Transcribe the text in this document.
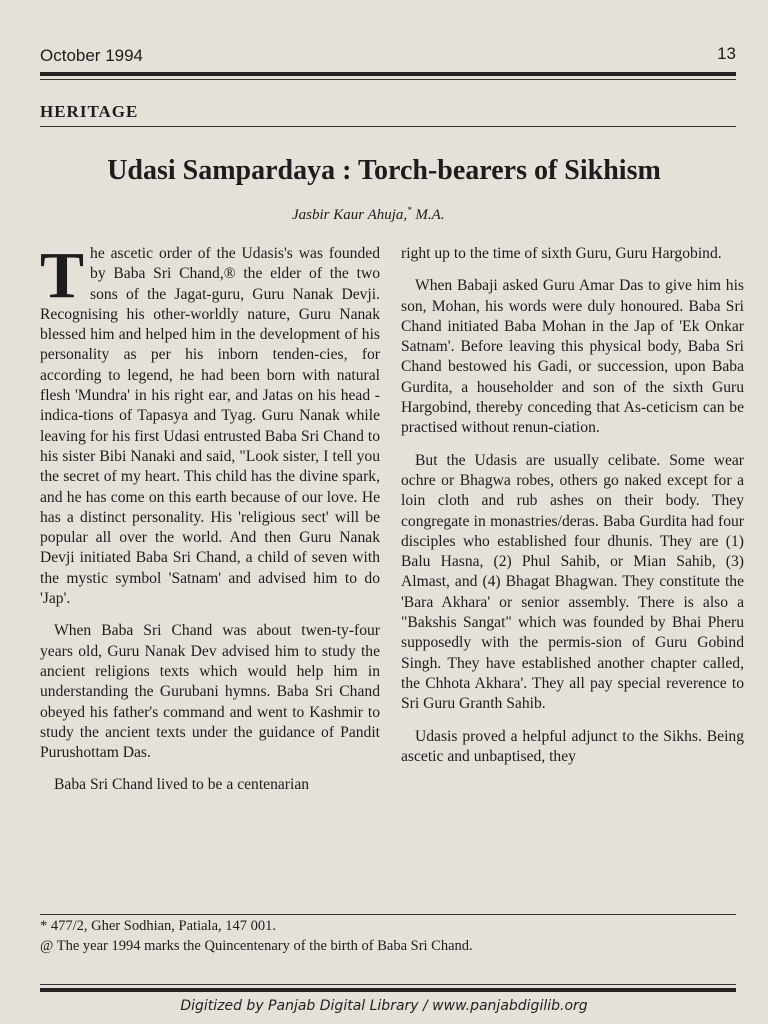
October 1994	13
HERITAGE
Udasi Sampardaya : Torch-bearers of Sikhism
Jasbir Kaur Ahuja,* M.A.

The ascetic order of the Udasis's was founded by Baba Sri Chand,® the elder of the two sons of the Jagat-guru, Guru Nanak Devji. Recognising his other-worldly nature, Guru Nanak blessed him and helped him in the development of his personality as per his inborn tenden-cies, for according to legend, he had been born with natural flesh 'Mundra' in his right ear, and Jatas on his head - indica-tions of Tapasya and Tyag. Guru Nanak while leaving for his first Udasi entrusted Baba Sri Chand to his sister Bibi Nanaki and said, "Look sister, I tell you the secret of my heart. This child has the divine spark, and he has come on this earth because of our love. He has a distinct personality. His 'religious sect' will be popular all over the world. And then Guru Nanak Devji initiated Baba Sri Chand, a child of seven with the mystic symbol 'Satnam' and advised him to do 'Jap'.

When Baba Sri Chand was about twen-ty-four years old, Guru Nanak Dev advised him to study the ancient religions texts which would help him in understanding the Gurubani hymns. Baba Sri Chand obeyed his father's command and went to Kashmir to study the ancient texts under the guidance of Pandit Purushottam Das.

Baba Sri Chand lived to be a centenarian

right up to the time of sixth Guru, Guru Hargobind.

When Babaji asked Guru Amar Das to give him his son, Mohan, his words were duly honoured. Baba Sri Chand initiated Baba Mohan in the Jap of 'Ek Onkar Satnam'. Before leaving this physical body, Baba Sri Chand bestowed his Gadi, or succession, upon Baba Gurdita, a householder and son of the sixth Guru Hargobind, thereby conceding that As-ceticism can be practised without renun-ciation.

But the Udasis are usually celibate. Some wear ochre or Bhagwa robes, others go naked except for a loin cloth and rub ashes on their body. They congregate in monastries/deras. Baba Gurdita had four disciples who established four dhunis. They are (1) Balu Hasna, (2) Phul Sahib, or Mian Sahib, (3) Almast, and (4) Bhagat Bhagwan. They constitute the 'Bara Akhara' or senior assembly. There is also a "Bakshis Sangat" which was founded by Bhai Pheru supposedly with the permis-sion of Guru Gobind Singh. They have established another chapter called, the Chhota Akhara'. They all pay special reverence to Sri Guru Granth Sahib.

Udasis proved a helpful adjunct to the Sikhs. Being ascetic and unbaptised, they

* 477/2, Gher Sodhian, Patiala, 147 001.
@ The year 1994 marks the Quincentenary of the birth of Baba Sri Chand.
Digitized by Panjab Digital Library / www.panjabdigilib.org
